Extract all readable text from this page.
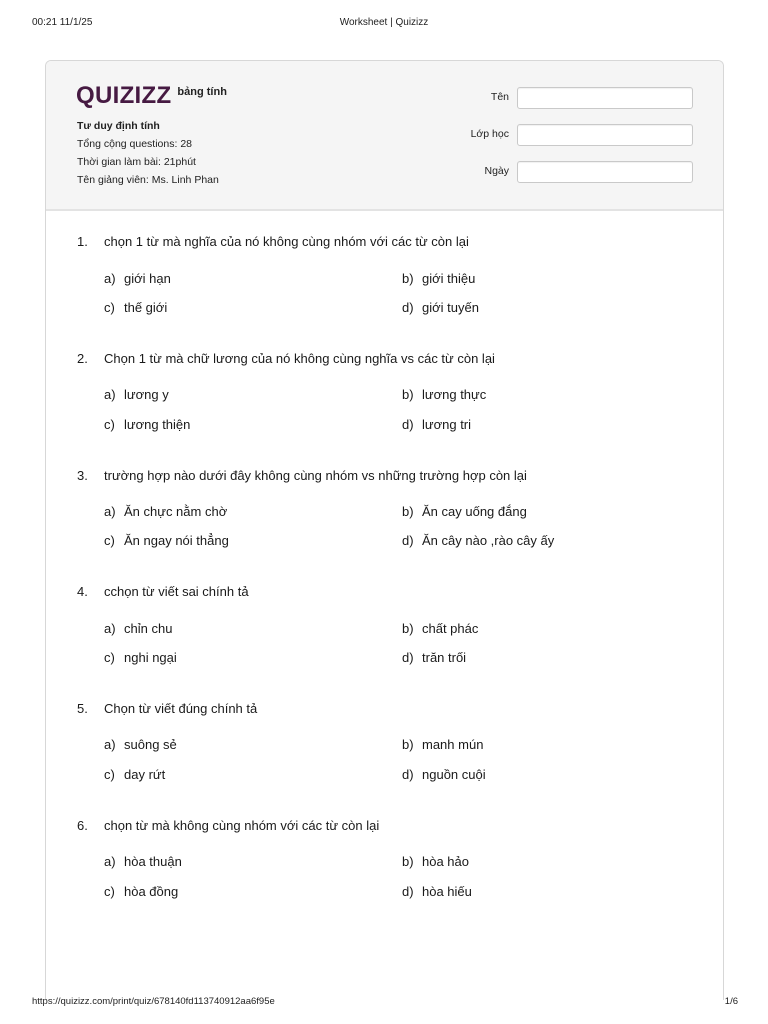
00:21 11/1/25	Worksheet | Quizizz
QUIZIZZ bảng tính
Tư duy định tính
Tổng cộng questions: 28
Thời gian làm bài: 21phút
Tên giảng viên: Ms. Linh Phan
Tên
Lớp học
Ngày
1. chọn 1 từ mà nghĩa của nó không cùng nhóm với các từ còn lại
a) giới hạn	b) giới thiệu
c) thế giới	d) giới tuyến
2. Chọn 1 từ mà chữ lương của nó không cùng nghĩa vs các từ còn lại
a) lương y	b) lương thực
c) lương thiện	d) lương tri
3. trường hợp nào dưới đây không cùng nhóm vs những trường hợp còn lại
a) Ăn chực nằm chờ	b) Ăn cay uống đắng
c) Ăn ngay nói thẳng	d) Ăn cây nào ,rào cây ấy
4. cchọn từ viết sai chính tả
a) chỉn chu	b) chất phác
c) nghi ngại	d) trăn trối
5. Chọn từ viết đúng chính tả
a) suông sẻ	b) manh mún
c) day rứt	d) nguồn cuội
6. chọn từ mà không cùng nhóm với các từ còn lại
a) hòa thuận	b) hòa hảo
c) hòa đồng	d) hòa hiếu
https://quizizz.com/print/quiz/678140fd113740912aa6f95e	1/6
